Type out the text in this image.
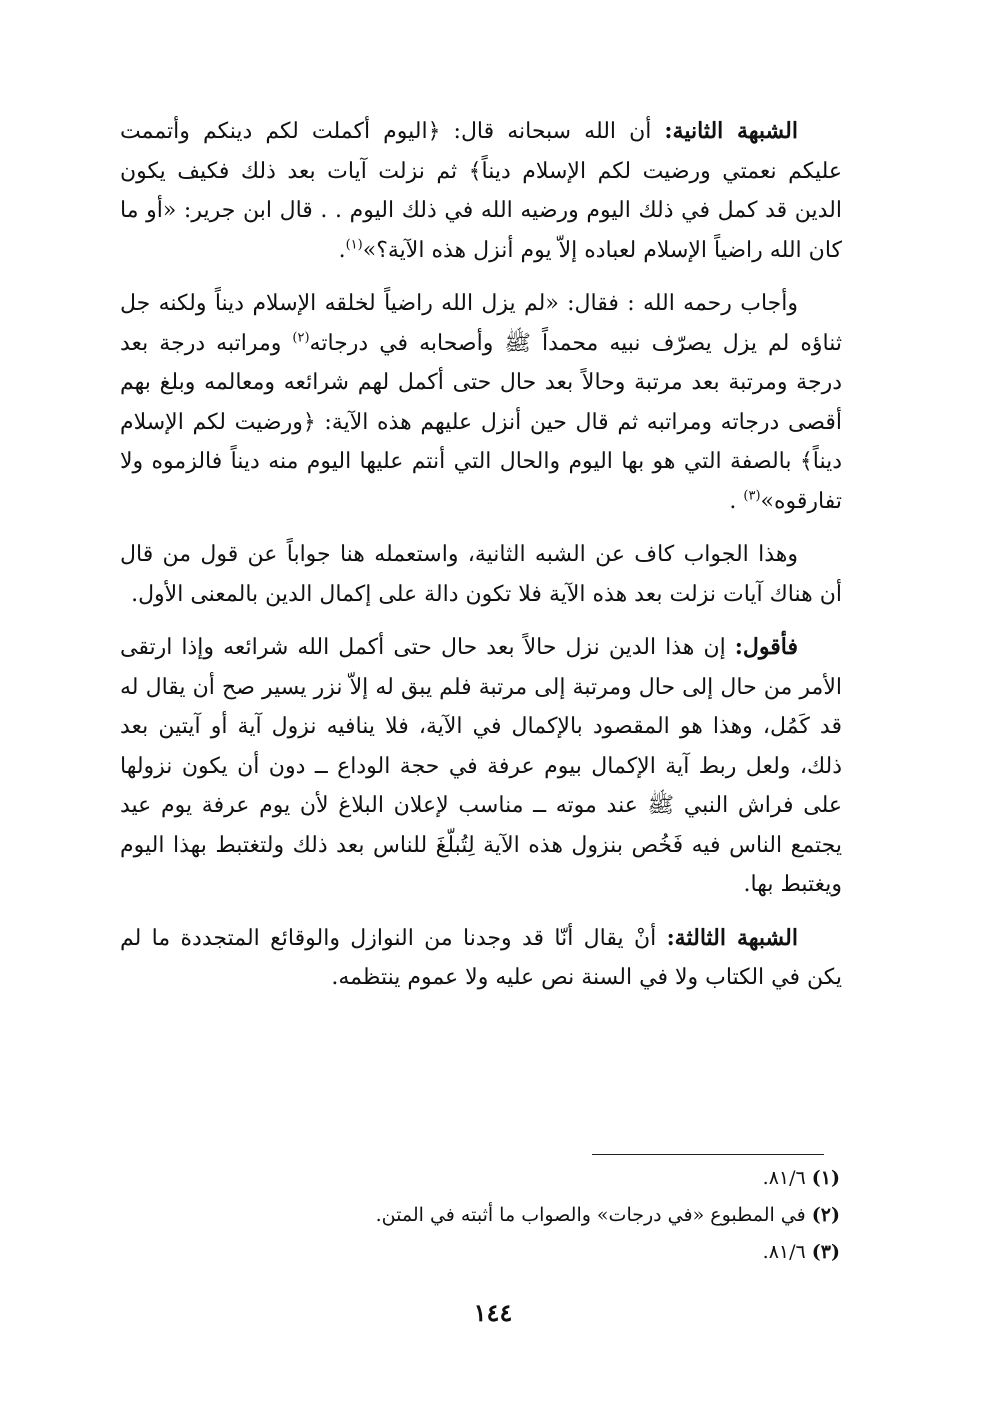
الشبهة الثانية: أن الله سبحانه قال: ﴿اليوم أكملت لكم دينكم وأتممت عليكم نعمتي ورضيت لكم الإسلام ديناً﴾ ثم نزلت آيات بعد ذلك فكيف يكون الدين قد كمل في ذلك اليوم ورضيه الله في ذلك اليوم . . قال ابن جرير: «أو ما كان الله راضياً الإسلام لعباده إلاّ يوم أنزل هذه الآية؟»$^{(١)}$.

وأجاب رحمه الله : فقال: «لم يزل الله راضياً لخلقه الإسلام ديناً ولكنه جل ثناؤه لم يزل يصرّف نبيه محمداً ﷺ وأصحابه في درجاته$^{(٢)}$ ومراتبه درجة بعد درجة ومرتبة بعد مرتبة وحالاً بعد حال حتى أكمل لهم شرائعه ومعالمه وبلغ بهم أقصى درجاته ومراتبه ثم قال حين أنزل عليهم هذه الآية: ﴿ورضيت لكم الإسلام ديناً﴾ بالصفة التي هو بها اليوم والحال التي أنتم عليها اليوم منه ديناً فالزموه ولا تفارقوه»$^{(٣)}$ .

وهذا الجواب كاف عن الشبه الثانية، واستعمله هنا جواباً عن قول من قال أن هناك آيات نزلت بعد هذه الآية فلا تكون دالة على إكمال الدين بالمعنى الأول.

فأقول: إن هذا الدين نزل حالاً بعد حال حتى أكمل الله شرائعه وإذا ارتقى الأمر من حال إلى حال ومرتبة إلى مرتبة فلم يبق له إلاّ نزر يسير صح أن يقال له قد كَمُل، وهذا هو المقصود بالإكمال في الآية، فلا ينافيه نزول آية أو آيتين بعد ذلك، ولعل ربط آية الإكمال بيوم عرفة في حجة الوداع ــ دون أن يكون نزولها على فراش النبي ﷺ عند موته ــ مناسب لإعلان البلاغ لأن يوم عرفة يوم عيد يجتمع الناس فيه فَخُص بنزول هذه الآية لِتُبلّغَ للناس بعد ذلك ولتغتبط بهذا اليوم ويغتبط بها.

الشبهة الثالثة: أنْ يقال أنّا قد وجدنا من النوازل والوقائع المتجددة ما لم يكن في الكتاب ولا في السنة نص عليه ولا عموم ينتظمه.

(١) ٨١/٦.

(٢) في المطبوع «في درجات» والصواب ما أثبته في المتن.

(٣) ٨١/٦.

١٤٤
